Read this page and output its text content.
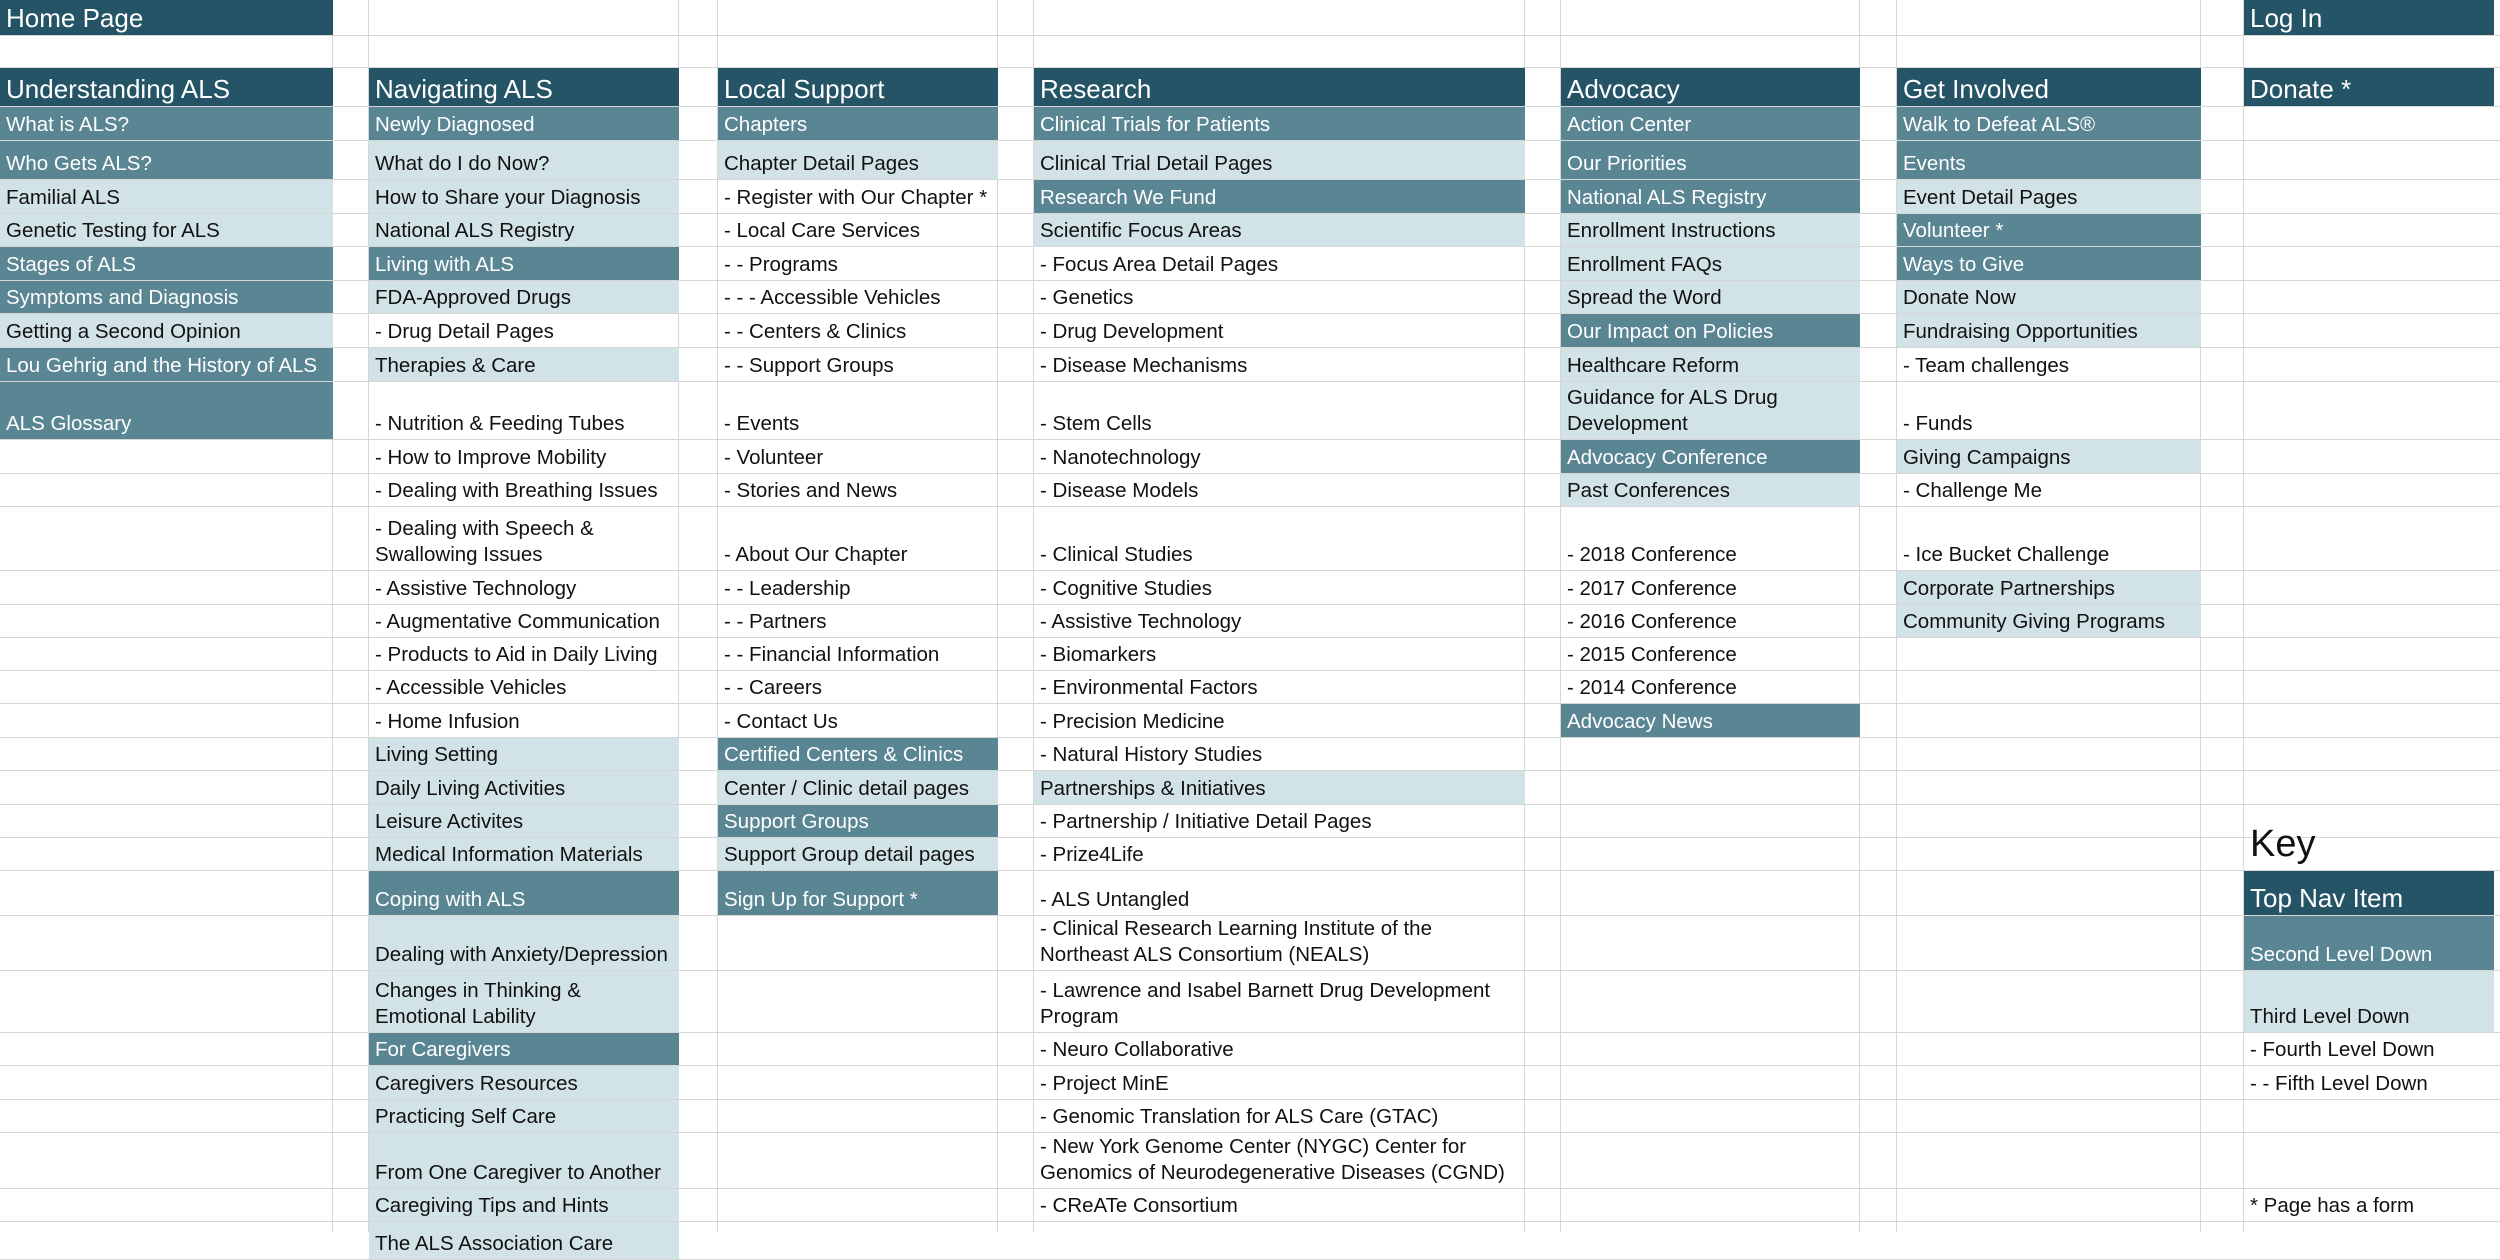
Home Page	Log In
Understanding ALS
What is ALS?
Who Gets ALS?
Familial ALS
Genetic Testing for ALS
Stages of ALS
Symptoms and Diagnosis
Getting a Second Opinion
Lou Gehrig and the History of ALS
ALS Glossary
Navigating ALS
Newly Diagnosed
What do I do Now?
How to Share your Diagnosis
National ALS Registry
Living with ALS
FDA-Approved Drugs
- Drug Detail Pages
Therapies & Care
- Nutrition & Feeding Tubes
- How to Improve Mobility
- Dealing with Breathing Issues
- Dealing with Speech & Swallowing Issues
- Assistive Technology
- Augmentative Communication
- Products to Aid in Daily Living
- Accessible Vehicles
- Home Infusion
Living Setting
Daily Living Activities
Leisure Activites
Medical Information Materials
Coping with ALS
Dealing with Anxiety/Depression
Changes in Thinking & Emotional Lability
For Caregivers
Caregivers Resources
Practicing Self Care
From One Caregiver to Another
Caregiving Tips and Hints
The ALS Association Care
Local Support
Chapters
Chapter Detail Pages
- Register with Our Chapter *
- Local Care Services
- - Programs
- - - Accessible Vehicles
- - Centers & Clinics
- - Support Groups
- Events
- Volunteer
- Stories and News
- About Our Chapter
- - Leadership
- - Partners
- - Financial Information
- - Careers
- Contact Us
Certified Centers & Clinics
Center / Clinic detail pages
Support Groups
Support Group detail pages
Sign Up for Support *
Research
Clinical Trials for Patients
Clinical Trial Detail Pages
Research We Fund
Scientific Focus Areas
- Focus Area Detail Pages
- Genetics
- Drug Development
- Disease Mechanisms
- Stem Cells
- Nanotechnology
- Disease Models
- Clinical Studies
- Cognitive Studies
- Assistive Technology
- Biomarkers
- Environmental Factors
- Precision Medicine
- Natural History Studies
Partnerships & Initiatives
- Partnership / Initiative Detail Pages
- Prize4Life
- ALS Untangled
- Clinical Research Learning Institute of the Northeast ALS Consortium (NEALS)
- Lawrence and Isabel Barnett Drug Development Program
- Neuro Collaborative
- Project MinE
- Genomic Translation for ALS Care (GTAC)
- New York Genome Center (NYGC) Center for Genomics of Neurodegenerative Diseases (CGND)
- CReATe Consortium
Advocacy
Action Center
Our Priorities
National ALS Registry
Enrollment Instructions
Enrollment FAQs
Spread the Word
Our Impact on Policies
Healthcare Reform
Guidance for ALS Drug Development
Advocacy Conference
Past Conferences
- 2018 Conference
- 2017 Conference
- 2016 Conference
- 2015 Conference
- 2014 Conference
Advocacy News
Get Involved
Walk to Defeat ALS®
Events
Event Detail Pages
Volunteer *
Ways to Give
Donate Now
Fundraising Opportunities
- Team challenges
- Funds
Giving Campaigns
- Challenge Me
- Ice Bucket Challenge
Corporate Partnerships
Community Giving Programs
Donate *
Key
Top Nav Item
Second Level Down
Third Level Down
- Fourth Level Down
- - Fifth Level Down
* Page has a form
